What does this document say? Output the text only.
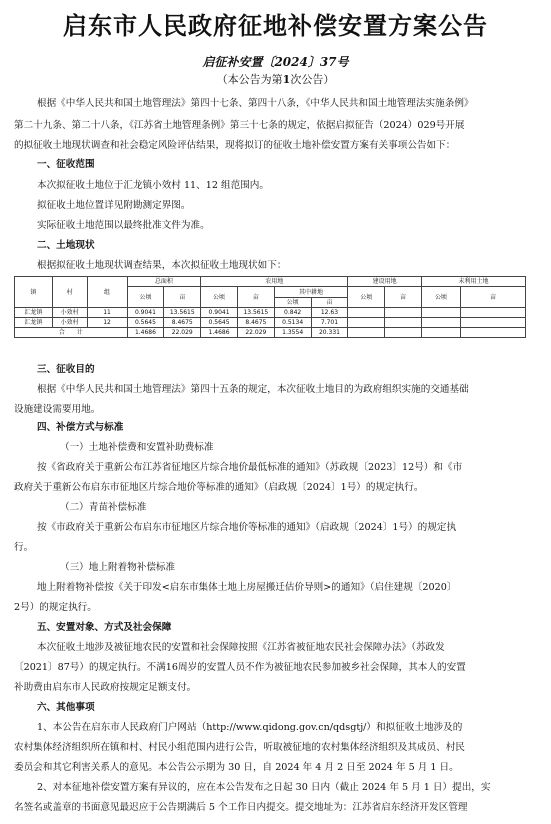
启东市人民政府征地补偿安置方案公告
启征补安置〔2024〕37号
（本公告为第1次公告）
根据《中华人民共和国土地管理法》第四十七条、第四十八条，《中华人民共和国土地管理法实施条例》
第二十九条、第二十八条，《江苏省土地管理条例》第三十七条的规定，依据启拟征告（2024）029号开展
的拟征收土地现状调查和社会稳定风险评估结果，现将拟订的征收土地补偿安置方案有关事项公告如下：
一、征收范围
本次拟征收土地位于汇龙镇小效村 11、12 组范围内。
拟征收土地位置详见附勘测定界图。
实际征收土地范围以最终批准文件为准。
二、土地现状
根据拟征收土地现状调查结果，本次拟征收土地现状如下：
镇	村	组	总面积		农用地				建设用地		未利用土地	
			公顷	亩	公顷	亩	其中耕地		公顷	亩	公顷	亩
							公顷	亩				
汇龙镇	小效村	11	0.9041	13.5615	0.9041	13.5615	0.842	12.63				
汇龙镇	小效村	12	0.5645	8.4675	0.5645	8.4675	0.5134	7.701				
合　　计			1.4686	22.029	1.4686	22.029	1.3554	20.331				
三、征收目的
根据《中华人民共和国土地管理法》第四十五条的规定，本次征收土地目的为政府组织实施的交通基础
设施建设需要用地。
四、补偿方式与标准
（一）土地补偿费和安置补助费标准
按《省政府关于重新公布江苏省征地区片综合地价最低标准的通知》（苏政规〔2023〕12号）和《市
政府关于重新公布启东市征地区片综合地价等标准的通知》（启政规〔2024〕1号）的规定执行。
（二）青苗补偿标准
按《市政府关于重新公布启东市征地区片综合地价等标准的通知》（启政规〔2024〕1号）的规定执
行。
（三）地上附着物补偿标准
地上附着物补偿按《关于印发<启东市集体土地上房屋搬迁估价导则>的通知》（启住建规〔2020〕
2号）的规定执行。
五、安置对象、方式及社会保障
本次征收土地涉及被征地农民的安置和社会保障按照《江苏省被征地农民社会保障办法》（苏政发
〔2021〕87号）的规定执行。不满16周岁的安置人员不作为被征地农民参加被乡社会保障，其本人的安置
补助费由启东市人民政府按规定足额支付。
六、其他事项
1、本公告在启东市人民政府门户网站（http://www.qidong.gov.cn/qdsgtj/）和拟征收土地涉及的
农村集体经济组织所在镇和村、村民小组范围内进行公告，听取被征地的农村集体经济组织及其成员、村民
委员会和其它利害关系人的意见。本公告公示期为 30 日，自 2024 年 4 月 2 日至 2024 年 5 月 1 日。
2、对本征地补偿安置方案有异议的，应在本公告发布之日起 30 日内（截止 2024 年 5 月 1 日）提出，实
名签名或盖章的书面意见最迟应于公告期满后 5 个工作日内提交。提交地址为：江苏省启东经济开发区管理
